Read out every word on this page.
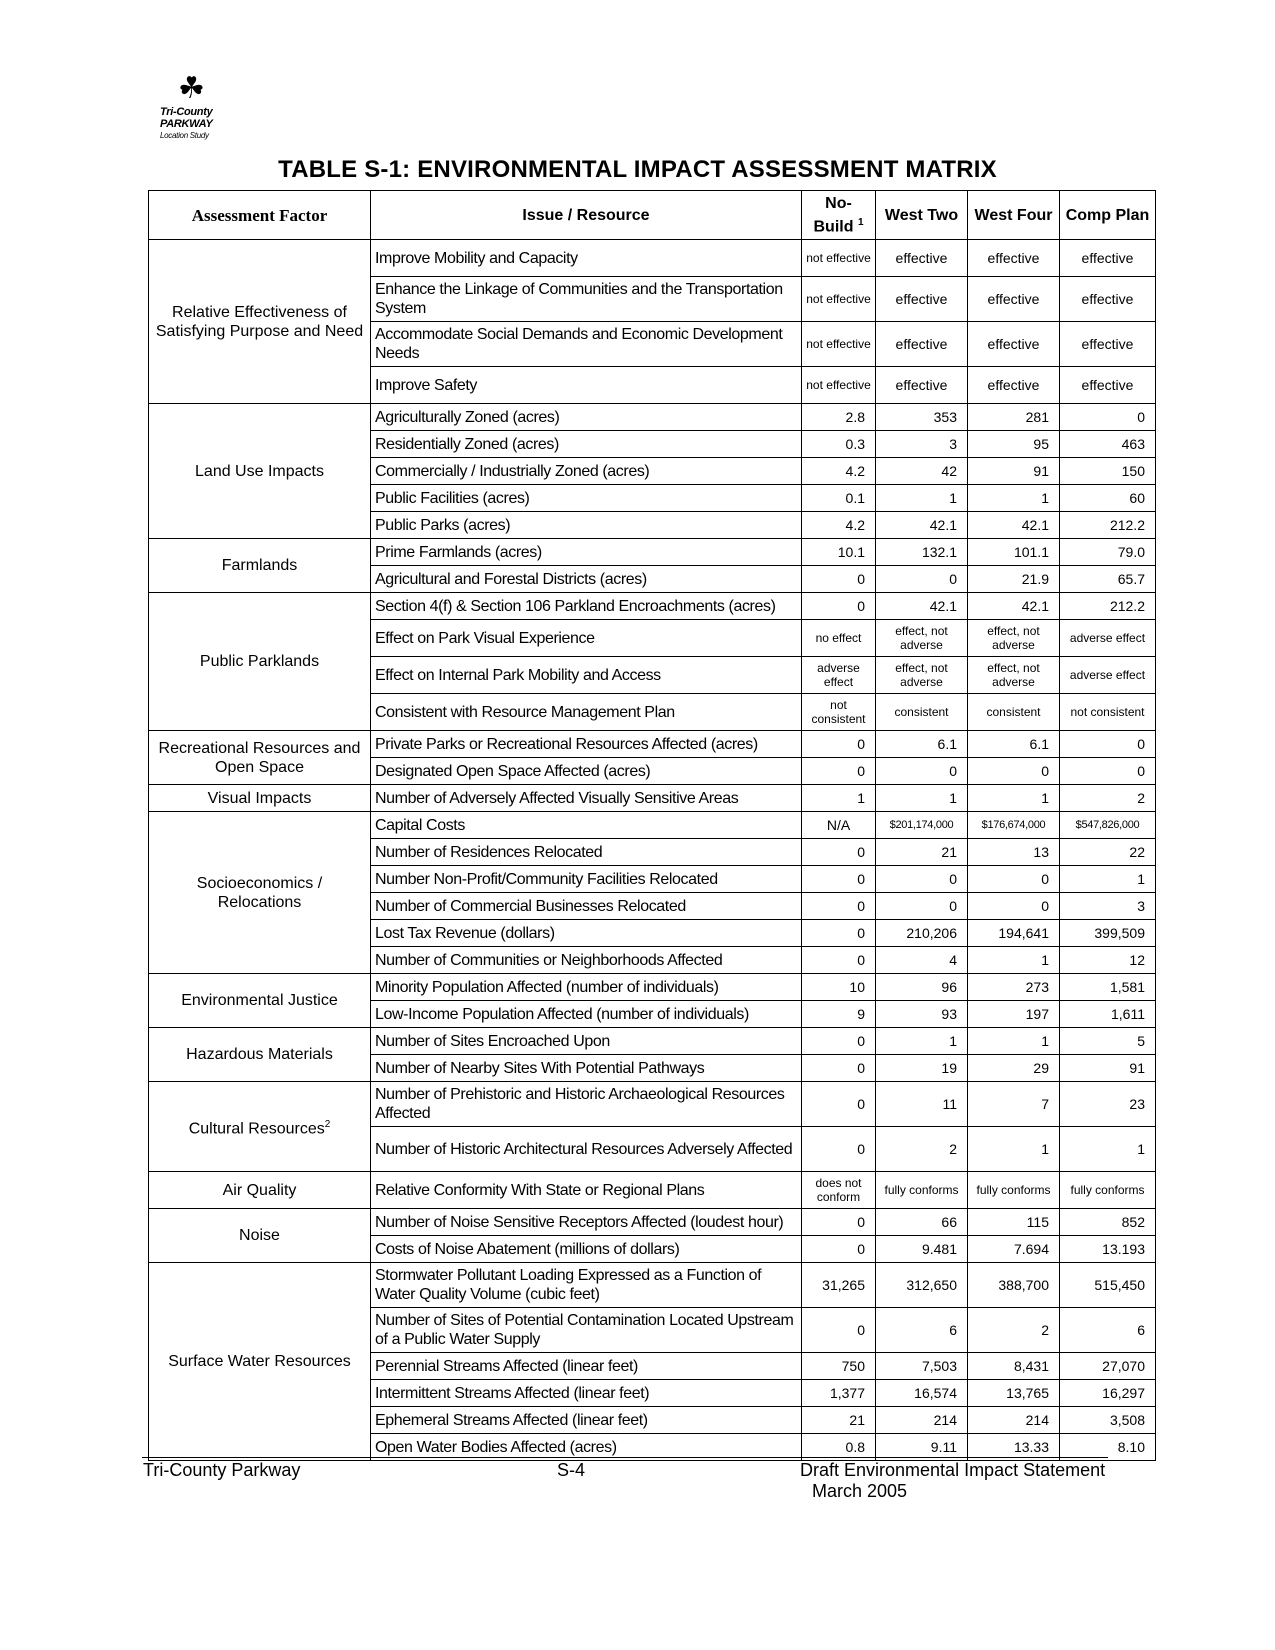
☘
Tri-County
PARKWAY
Location Study
TABLE S-1: ENVIRONMENTAL IMPACT ASSESSMENT MATRIX
Assessment Factor	Issue / Resource	No-Build $^1$	West Two	West Four	Comp Plan
Relative Effectiveness of Satisfying Purpose and Need	Improve Mobility and Capacity	not effective	effective	effective	effective
	Enhance the Linkage of Communities and the Transportation System	not effective	effective	effective	effective
	Accommodate Social Demands and Economic Development Needs	not effective	effective	effective	effective
	Improve Safety	not effective	effective	effective	effective
Land Use Impacts	Agriculturally Zoned (acres)	2.8	353	281	0
	Residentially Zoned (acres)	0.3	3	95	463
	Commercially / Industrially Zoned (acres)	4.2	42	91	150
	Public Facilities (acres)	0.1	1	1	60
	Public Parks (acres)	4.2	42.1	42.1	212.2
Farmlands	Prime Farmlands (acres)	10.1	132.1	101.1	79.0
	Agricultural and Forestal Districts (acres)	0	0	21.9	65.7
Public Parklands	Section 4(f) & Section 106 Parkland Encroachments (acres)	0	42.1	42.1	212.2
	Effect on Park Visual Experience	no effect	effect, not adverse	effect, not adverse	adverse effect
	Effect on Internal Park Mobility and Access	adverse effect	effect, not adverse	effect, not adverse	adverse effect
	Consistent with Resource Management Plan	not consistent	consistent	consistent	not consistent
Recreational Resources and Open Space	Private Parks or Recreational Resources Affected (acres)	0	6.1	6.1	0
	Designated Open Space Affected (acres)	0	0	0	0
Visual Impacts	Number of Adversely Affected Visually Sensitive Areas	1	1	1	2
Socioeconomics / Relocations	Capital Costs	N/A	$201,174,000	$176,674,000	$547,826,000
	Number of Residences Relocated	0	21	13	22
	Number Non-Profit/Community Facilities Relocated	0	0	0	1
	Number of Commercial Businesses Relocated	0	0	0	3
	Lost Tax Revenue (dollars)	0	210,206	194,641	399,509
	Number of Communities or Neighborhoods Affected	0	4	1	12
Environmental Justice	Minority Population Affected (number of individuals)	10	96	273	1,581
	Low-Income Population Affected (number of individuals)	9	93	197	1,611
Hazardous Materials	Number of Sites Encroached Upon	0	1	1	5
	Number of Nearby Sites With Potential Pathways	0	19	29	91
Cultural Resources$^2$	Number of Prehistoric and Historic Archaeological Resources Affected	0	11	7	23
	Number of Historic Architectural Resources Adversely Affected	0	2	1	1
Air Quality	Relative Conformity With State or Regional Plans	does not conform	fully conforms	fully conforms	fully conforms
Noise	Number of Noise Sensitive Receptors Affected (loudest hour)	0	66	115	852
	Costs of Noise Abatement (millions of dollars)	0	9.481	7.694	13.193
Surface Water Resources	Stormwater Pollutant Loading Expressed as a Function of Water Quality Volume (cubic feet)	31,265	312,650	388,700	515,450
	Number of Sites of Potential Contamination Located Upstream of a Public Water Supply	0	6	2	6
	Perennial Streams Affected (linear feet)	750	7,503	8,431	27,070
	Intermittent Streams Affected (linear feet)	1,377	16,574	13,765	16,297
	Ephemeral Streams Affected (linear feet)	21	214	214	3,508
	Open Water Bodies Affected (acres)	0.8	9.11	13.33	8.10
Tri-County Parkway	S-4	Draft Environmental Impact Statement
March 2005
